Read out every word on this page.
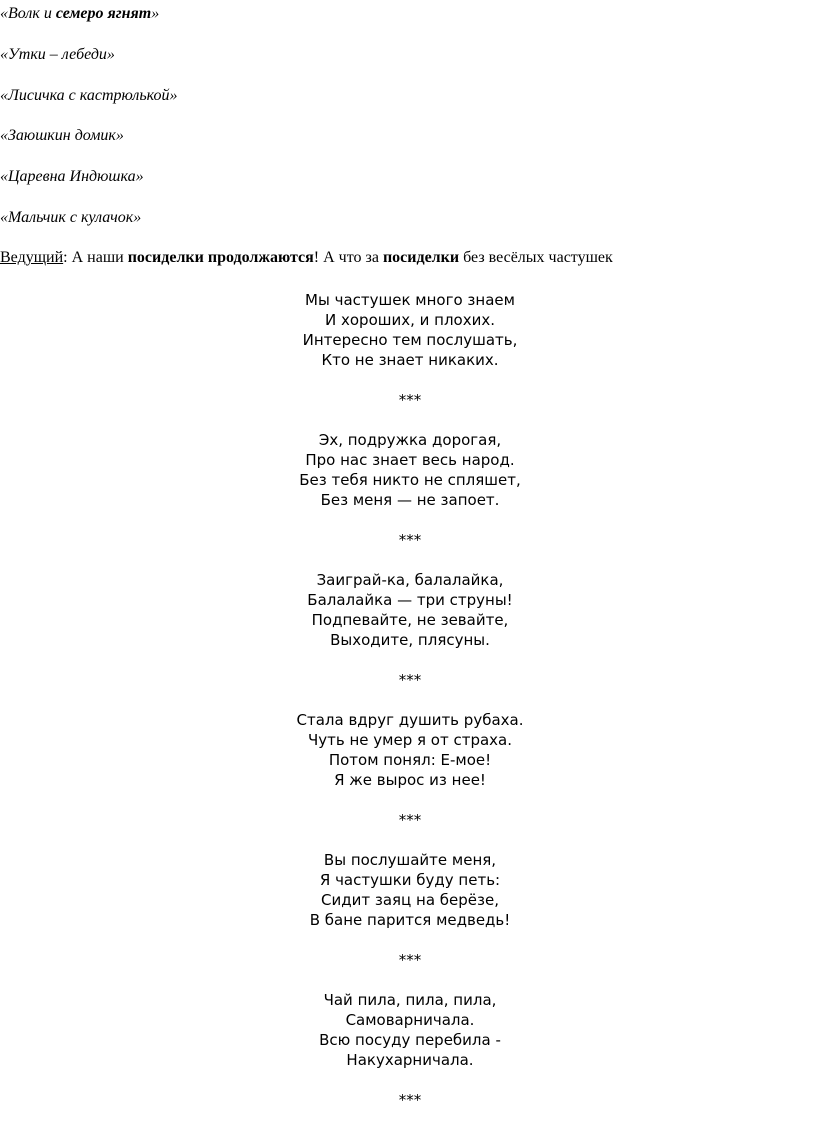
«Волк и семеро ягнят»
«Утки – лебеди»
«Лисичка с кастрюлькой»
«Заюшкин домик»
«Царевна Индюшка»
«Мальчик с кулачок»
Ведущий: А наши посиделки продолжаются! А что за посиделки без весёлых частушек
Мы частушек много знаем
И хороших, и плохих.
Интересно тем послушать,
Кто не знает никаких.
***
Эх, подружка дорогая,
Про нас знает весь народ.
Без тебя никто не спляшет,
Без меня — не запоет.
***
Заиграй-ка, балалайка,
Балалайка — три струны!
Подпевайте, не зевайте,
Выходите, плясуны.
***
Стала вдруг душить рубаха.
Чуть не умер я от страха.
Потом понял: Е-мое!
Я же вырос из нее!
***
Вы послушайте меня,
Я частушки буду петь:
Сидит заяц на берёзе,
В бане парится медведь!
***
Чай пила, пила, пила,
Самоварничала.
Всю посуду перебила -
Накухарничала.
***
